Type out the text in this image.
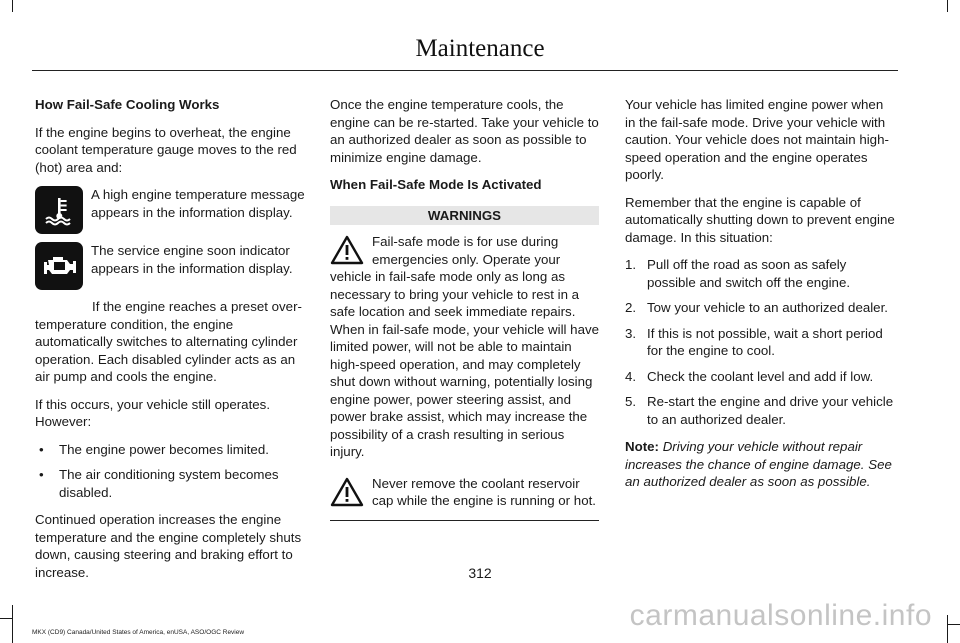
Maintenance

How Fail-Safe Cooling Works

If the engine begins to overheat, the engine coolant temperature gauge moves to the red (hot) area and:

A high engine temperature message appears in the information display.
The service engine soon indicator appears in the information display.

If the engine reaches a preset over-temperature condition, the engine automatically switches to alternating cylinder operation. Each disabled cylinder acts as an air pump and cools the engine.

If this occurs, your vehicle still operates. However:

• The engine power becomes limited.
• The air conditioning system becomes disabled.

Continued operation increases the engine temperature and the engine completely shuts down, causing steering and braking effort to increase.

Once the engine temperature cools, the engine can be re-started. Take your vehicle to an authorized dealer as soon as possible to minimize engine damage.

When Fail-Safe Mode Is Activated

WARNINGS
Fail-safe mode is for use during emergencies only. Operate your vehicle in fail-safe mode only as long as necessary to bring your vehicle to rest in a safe location and seek immediate repairs. When in fail-safe mode, your vehicle will have limited power, will not be able to maintain high-speed operation, and may completely shut down without warning, potentially losing engine power, power steering assist, and power brake assist, which may increase the possibility of a crash resulting in serious injury.
Never remove the coolant reservoir cap while the engine is running or hot.

Your vehicle has limited engine power when in the fail-safe mode. Drive your vehicle with caution. Your vehicle does not maintain high-speed operation and the engine operates poorly.

Remember that the engine is capable of automatically shutting down to prevent engine damage. In this situation:

1. Pull off the road as soon as safely possible and switch off the engine.
2. Tow your vehicle to an authorized dealer.
3. If this is not possible, wait a short period for the engine to cool.
4. Check the coolant level and add if low.
5. Re-start the engine and drive your vehicle to an authorized dealer.

Note: Driving your vehicle without repair increases the chance of engine damage. See an authorized dealer as soon as possible.

312
MKX (CD9) Canada/United States of America, enUSA, ASO/OGC Review
carmanualsonline.info
